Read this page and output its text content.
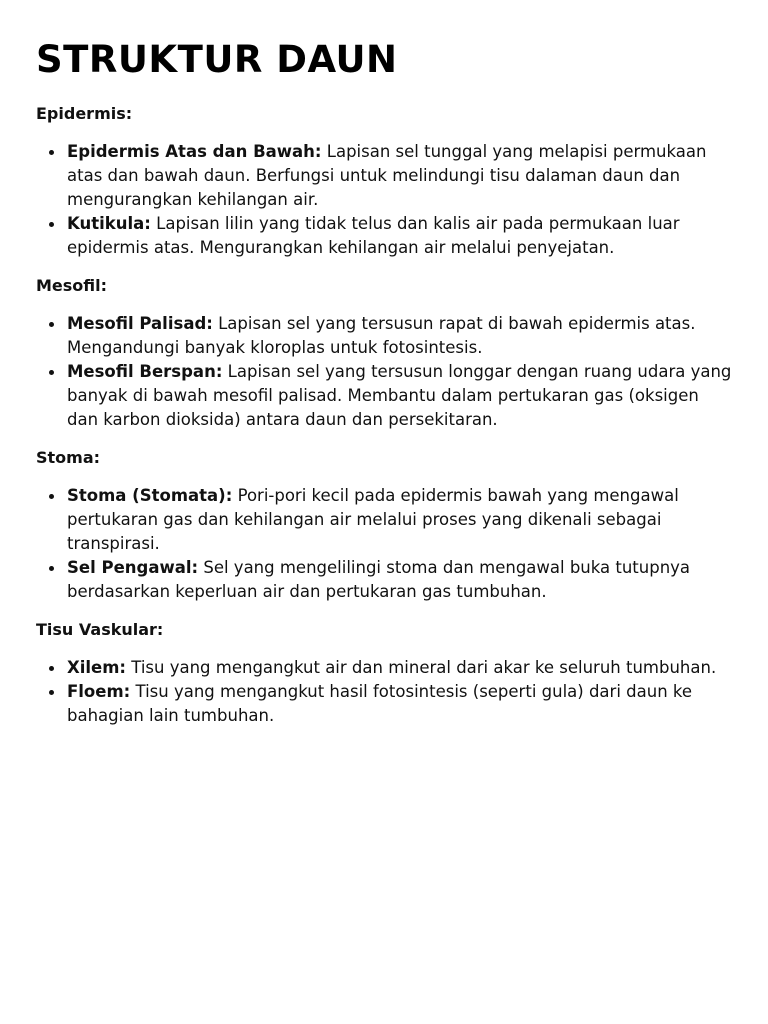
STRUKTUR DAUN
Epidermis:
Epidermis Atas dan Bawah: Lapisan sel tunggal yang melapisi permukaan atas dan bawah daun. Berfungsi untuk melindungi tisu dalaman daun dan mengurangkan kehilangan air.
Kutikula: Lapisan lilin yang tidak telus dan kalis air pada permukaan luar epidermis atas. Mengurangkan kehilangan air melalui penyejatan.
Mesofil:
Mesofil Palisad: Lapisan sel yang tersusun rapat di bawah epidermis atas. Mengandungi banyak kloroplas untuk fotosintesis.
Mesofil Berspan: Lapisan sel yang tersusun longgar dengan ruang udara yang banyak di bawah mesofil palisad. Membantu dalam pertukaran gas (oksigen dan karbon dioksida) antara daun dan persekitaran.
Stoma:
Stoma (Stomata): Pori-pori kecil pada epidermis bawah yang mengawal pertukaran gas dan kehilangan air melalui proses yang dikenali sebagai transpirasi.
Sel Pengawal: Sel yang mengelilingi stoma dan mengawal buka tutupnya berdasarkan keperluan air dan pertukaran gas tumbuhan.
Tisu Vaskular:
Xilem: Tisu yang mengangkut air dan mineral dari akar ke seluruh tumbuhan.
Floem: Tisu yang mengangkut hasil fotosintesis (seperti gula) dari daun ke bahagian lain tumbuhan.
